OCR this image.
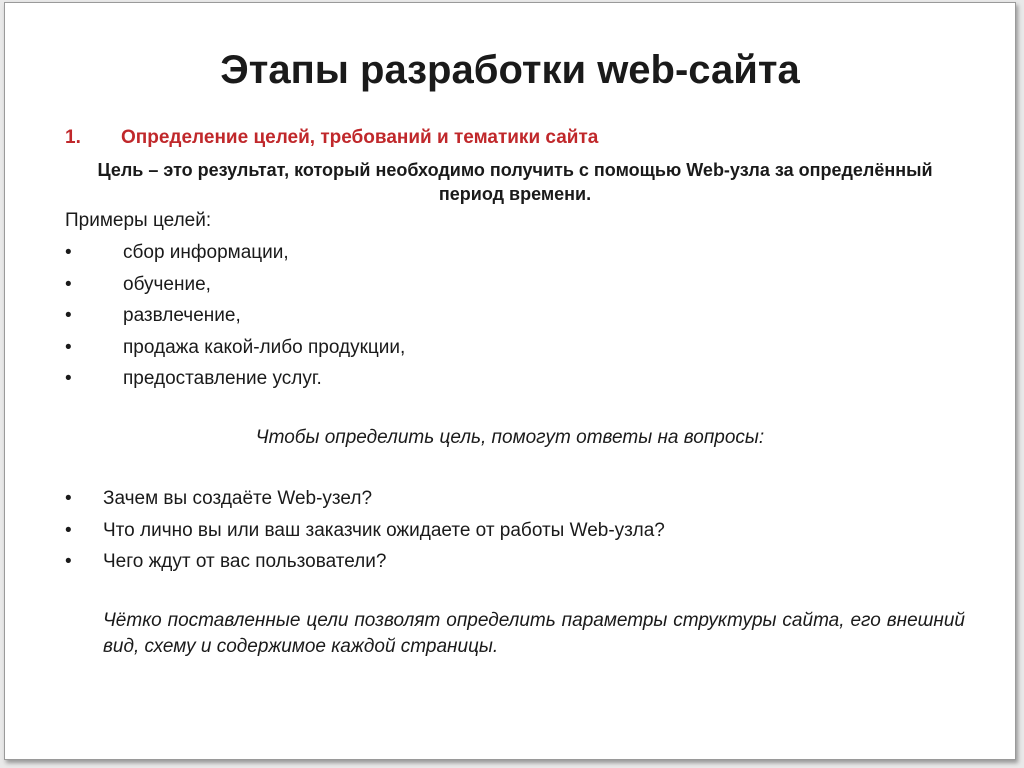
Этапы разработки web-сайта

1. Определение целей, требований и тематики сайта

Цель – это результат, который необходимо получить с помощью Web-узла за определённый период времени.

Примеры целей:

•	сбор информации,
•	обучение,
•	развлечение,
•	продажа какой-либо продукции,
•	предоставление услуг.

Чтобы определить цель, помогут ответы на вопросы:

• Зачем вы создаёте Web-узел?
• Что лично вы или ваш заказчик ожидаете от работы Web-узла?
• Чего ждут от вас пользователи?

Чётко поставленные цели позволят определить параметры структуры сайта, его внешний вид, схему и содержимое каждой страницы.
